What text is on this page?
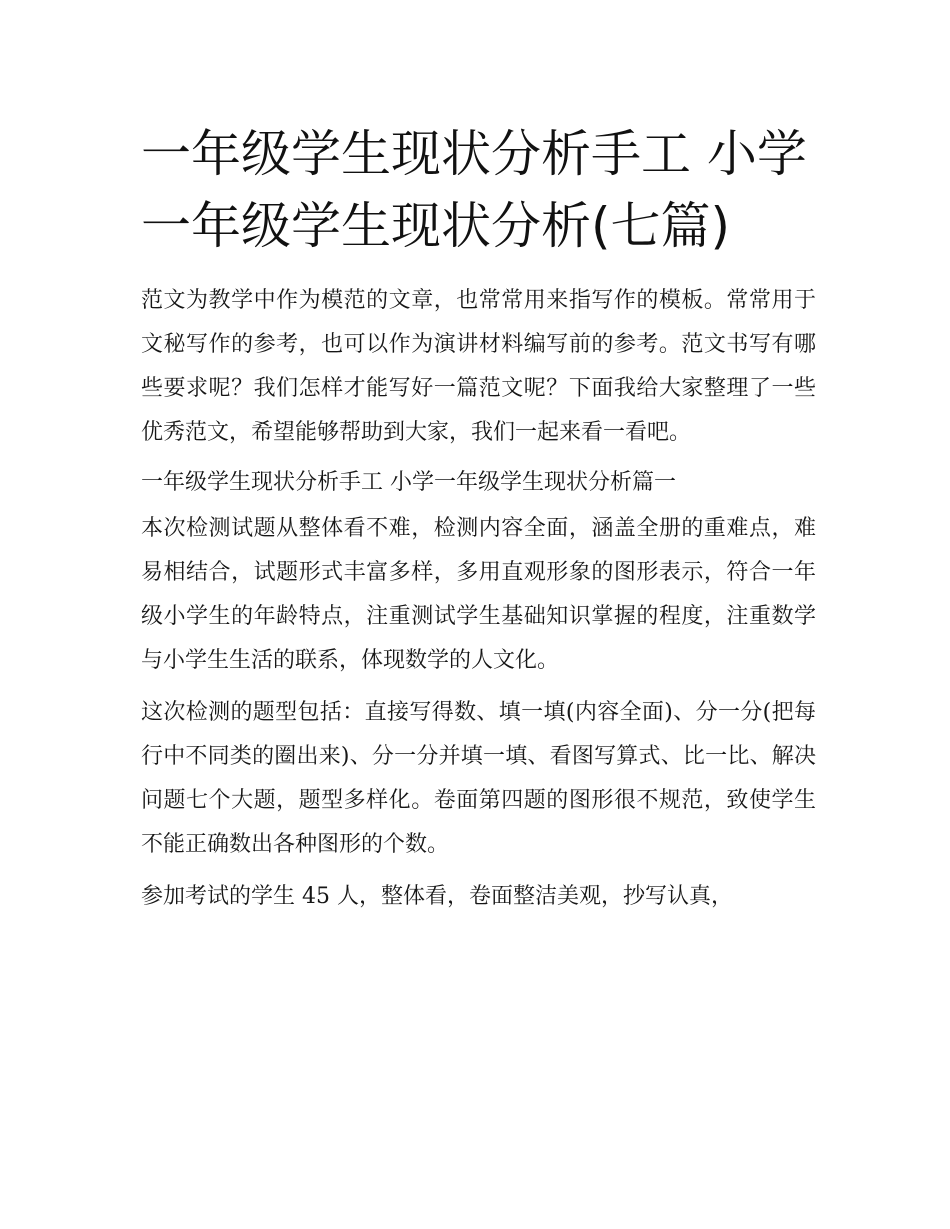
一年级学生现状分析手工 小学一年级学生现状分析(七篇)

范文为教学中作为模范的文章，也常常用来指写作的模板。常常用于文秘写作的参考，也可以作为演讲材料编写前的参考。范文书写有哪些要求呢？我们怎样才能写好一篇范文呢？下面我给大家整理了一些优秀范文，希望能够帮助到大家，我们一起来看一看吧。

一年级学生现状分析手工 小学一年级学生现状分析篇一

本次检测试题从整体看不难，检测内容全面，涵盖全册的重难点，难易相结合，试题形式丰富多样，多用直观形象的图形表示，符合一年级小学生的年龄特点，注重测试学生基础知识掌握的程度，注重数学与小学生生活的联系，体现数学的人文化。

这次检测的题型包括：直接写得数、填一填(内容全面)、分一分(把每行中不同类的圈出来)、分一分并填一填、看图写算式、比一比、解决问题七个大题，题型多样化。卷面第四题的图形很不规范，致使学生不能正确数出各种图形的个数。

参加考试的学生 45 人，整体看，卷面整洁美观，抄写认真，
